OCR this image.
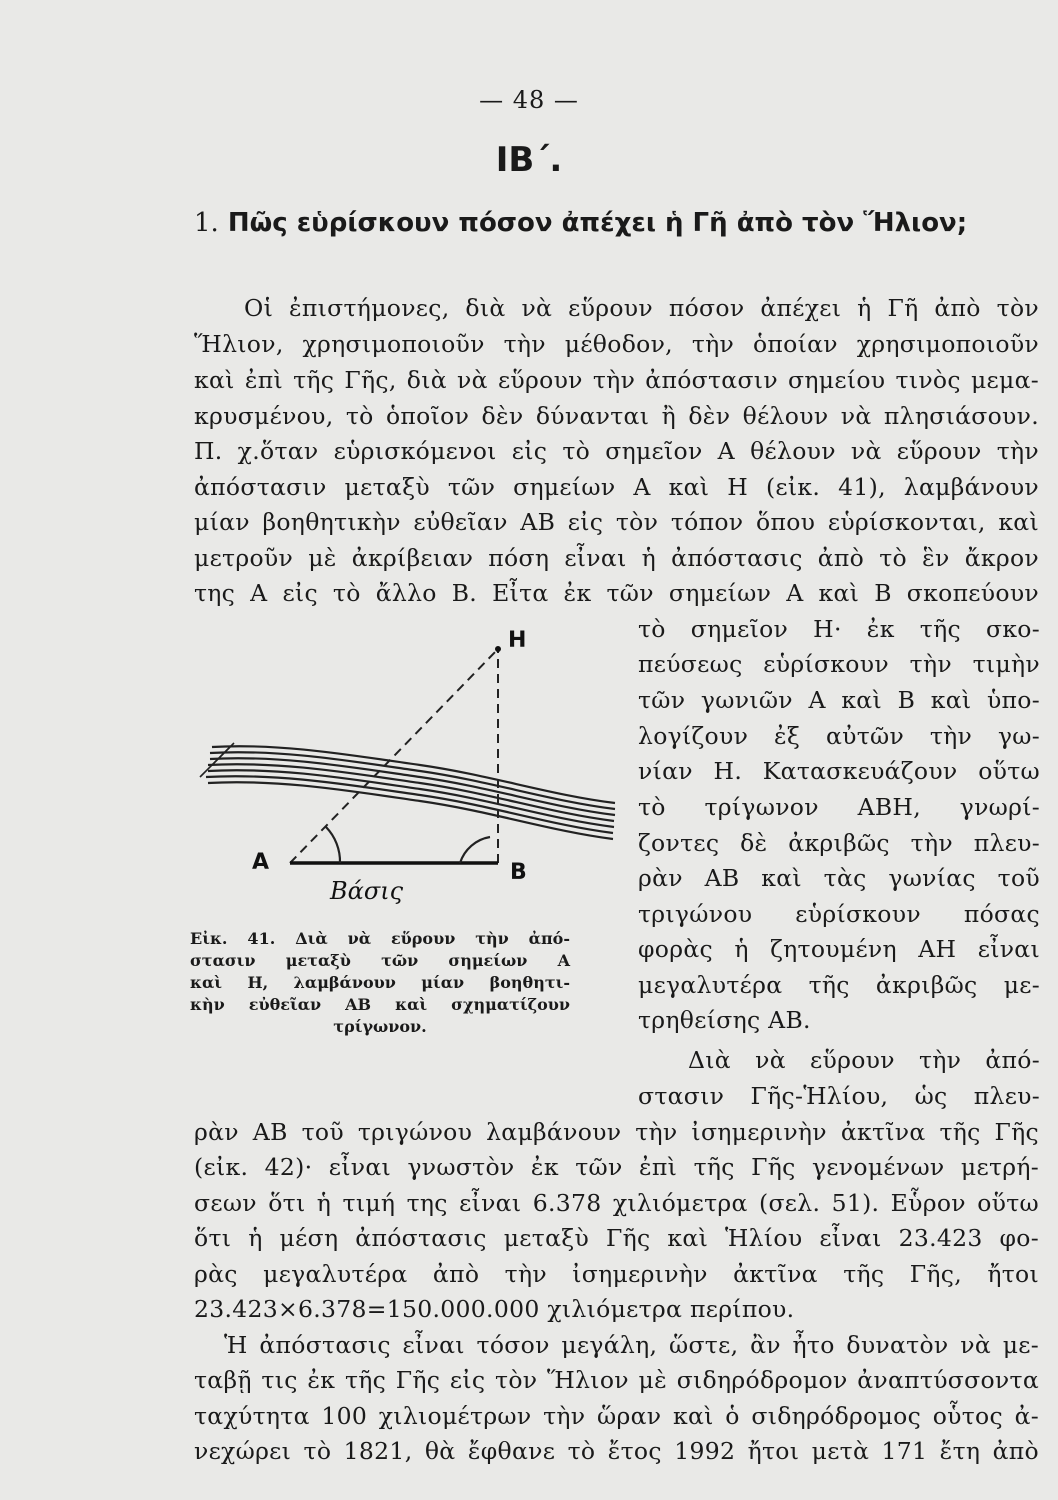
— 48 —
ΙΒ΄.
1. Πῶς εὑρίσκουν πόσον ἀπέχει ἡ Γῆ ἀπὸ τὸν Ἥλιον;
Οἱ ἐπιστήμονες, διὰ νὰ εὕρουν πόσον ἀπέχει ἡ Γῆ ἀπὸ τὸν
Ἥλιον, χρησιμοποιοῦν τὴν μέθοδον, τὴν ὁποίαν χρησιμοποιοῦν
καὶ ἐπὶ τῆς Γῆς, διὰ νὰ εὕρουν τὴν ἀπόστασιν σημείου τινὸς μεμα-
κρυσμένου, τὸ ὁποῖον δὲν δύνανται ἢ δὲν θέλουν νὰ πλησιάσουν.
Π. χ.ὅταν εὑρισκόμενοι εἰς τὸ σημεῖον Α θέλουν νὰ εὕρουν τὴν
ἀπόστασιν μεταξὺ τῶν σημείων Α καὶ Η (εἰκ. 41), λαμβάνουν
μίαν βοηθητικὴν εὐθεῖαν ΑΒ εἰς τὸν τόπον ὅπου εὑρίσκονται, καὶ
μετροῦν μὲ ἀκρίβειαν πόση εἶναι ἡ ἀπόστασις ἀπὸ τὸ ἓν ἄκρον
της Α εἰς τὸ ἄλλο Β. Εἶτα ἐκ τῶν σημείων Α καὶ Β σκοπεύουν
τὸ σημεῖον Η· ἐκ τῆς σκο-
πεύσεως εὑρίσκουν τὴν τιμὴν
τῶν γωνιῶν Α καὶ Β καὶ ὑπο-
λογίζουν ἐξ αὐτῶν τὴν γω-
νίαν Η. Κατασκευάζουν οὕτω
τὸ τρίγωνον ΑΒΗ, γνωρί-
ζοντες δὲ ἀκριβῶς τὴν πλευ-
ρὰν ΑΒ καὶ τὰς γωνίας τοῦ
τριγώνου εὑρίσκουν πόσας
φορὰς ἡ ζητουμένη ΑΗ εἶναι
μεγαλυτέρα τῆς ἀκριβῶς με-
τρηθείσης ΑΒ.
Διὰ νὰ εὕρουν τὴν ἀπό-
στασιν Γῆς-Ἡλίου, ὡς πλευ-
ρὰν ΑΒ τοῦ τριγώνου λαμβάνουν τὴν ἰσημερινὴν ἀκτῖνα τῆς Γῆς
(εἰκ. 42)· εἶναι γνωστὸν ἐκ τῶν ἐπὶ τῆς Γῆς γενομένων μετρή-
σεων ὅτι ἡ τιμή της εἶναι 6.378 χιλιόμετρα (σελ. 51). Εὗρον οὕτω
ὅτι ἡ μέση ἀπόστασις μεταξὺ Γῆς καὶ Ἡλίου εἶναι 23.423 φο-
ρὰς μεγαλυτέρα ἀπὸ τὴν ἰσημερινὴν ἀκτῖνα τῆς Γῆς, ἤτοι
23.423×6.378=150.000.000 χιλιόμετρα περίπου.
Ἡ ἀπόστασις εἶναι τόσον μεγάλη, ὥστε, ἂν ἦτο δυνατὸν νὰ με-
ταβῇ τις ἐκ τῆς Γῆς εἰς τὸν Ἥλιον μὲ σιδηρόδρομον ἀναπτύσσοντα
ταχύτητα 100 χιλιομέτρων τὴν ὥραν καὶ ὁ σιδηρόδρομος οὗτος ἀ-
νεχώρει τὸ 1821, θὰ ἔφθανε τὸ ἔτος 1992 ἤτοι μετὰ 171 ἔτη ἀπὸ
Η
Α	Β
Βάσις
Εἰκ. 41. Διὰ νὰ εὕρουν τὴν ἀπό-
στασιν μεταξὺ τῶν σημείων Α
καὶ Η, λαμβάνουν μίαν βοηθητι-
κὴν εὐθεῖαν ΑΒ καὶ σχηματίζουν
τρίγωνον.
